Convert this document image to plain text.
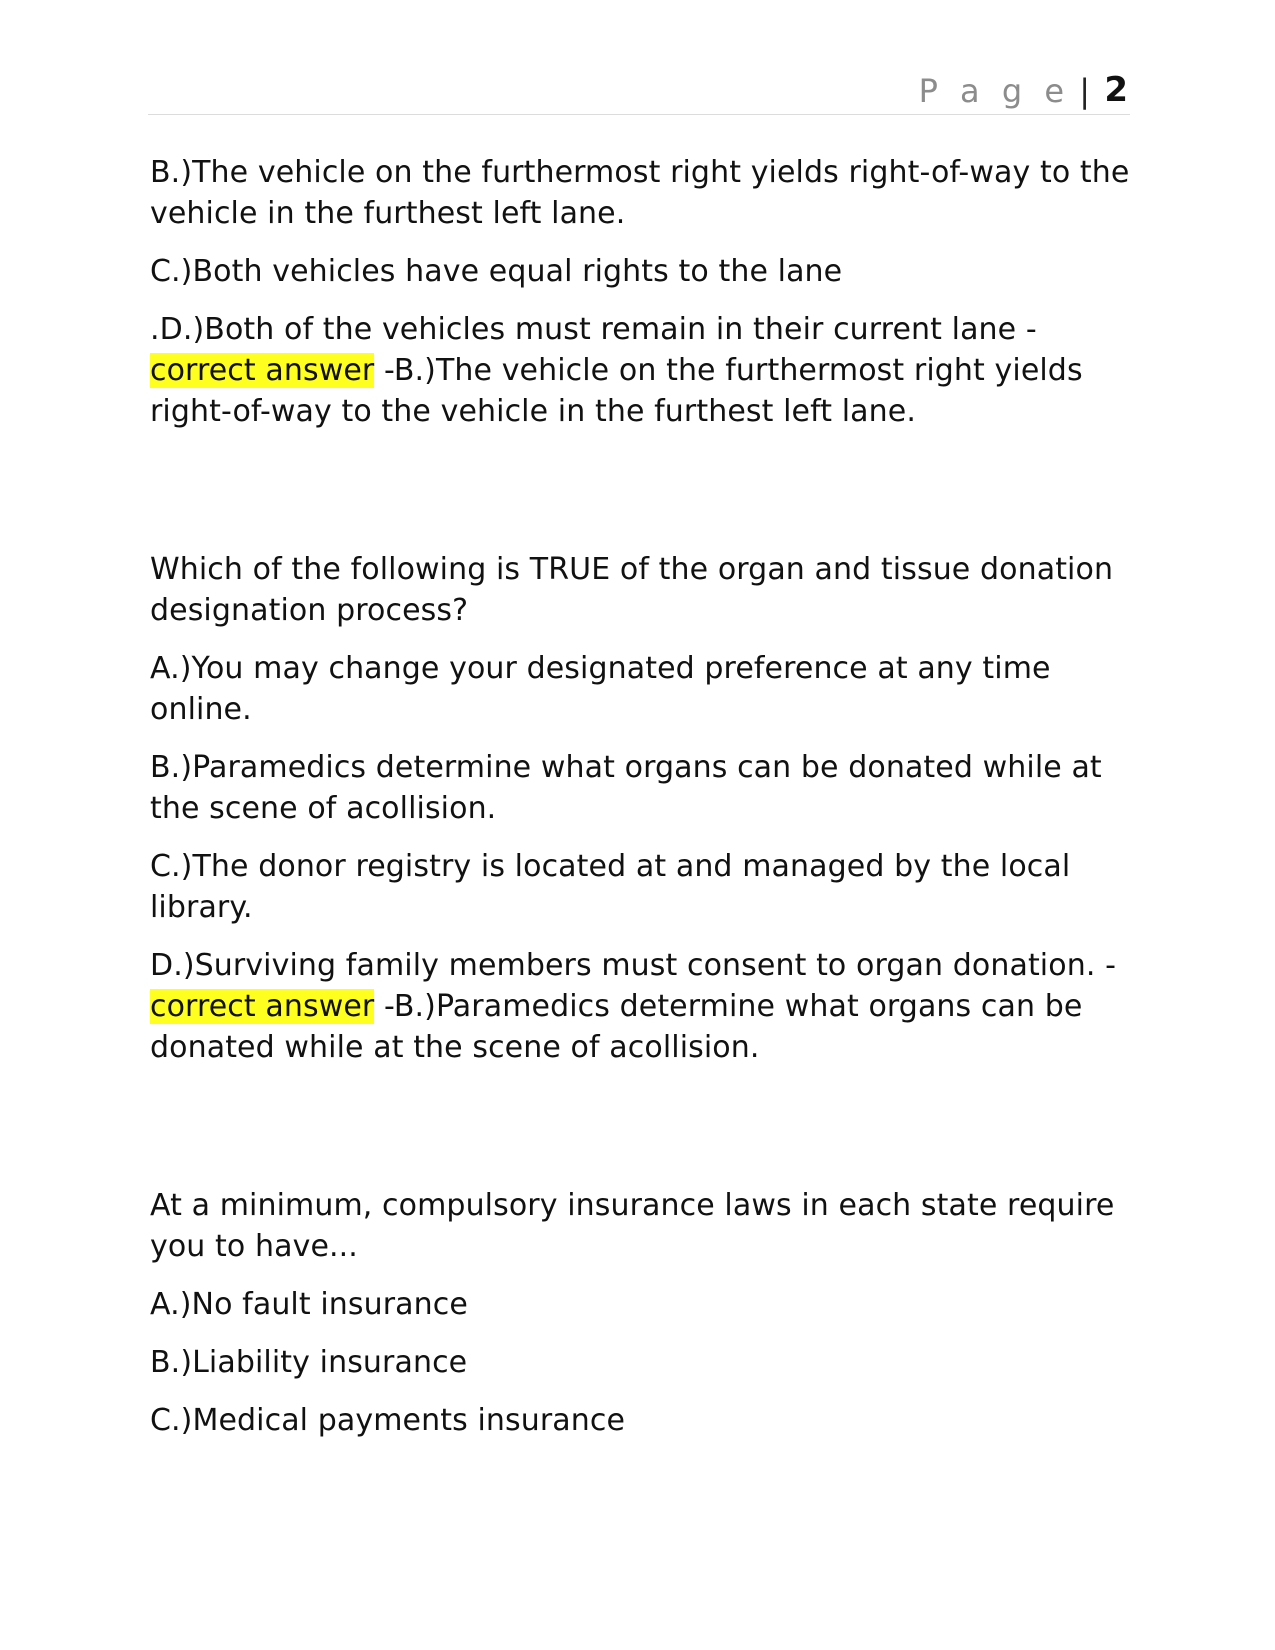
P a g e | 2

B.)The vehicle on the furthermost right yields right-of-way to the vehicle in the furthest left lane.

C.)Both vehicles have equal rights to the lane

.D.)Both of the vehicles must remain in their current lane - correct answer -B.)The vehicle on the furthermost right yields right-of-way to the vehicle in the furthest left lane.

Which of the following is TRUE of the organ and tissue donation designation process?

A.)You may change your designated preference at any time online.

B.)Paramedics determine what organs can be donated while at the scene of acollision.

C.)The donor registry is located at and managed by the local library.

D.)Surviving family members must consent to organ donation. - correct answer -B.)Paramedics determine what organs can be donated while at the scene of acollision.

At a minimum, compulsory insurance laws in each state require you to have...

A.)No fault insurance

B.)Liability insurance

C.)Medical payments insurance
